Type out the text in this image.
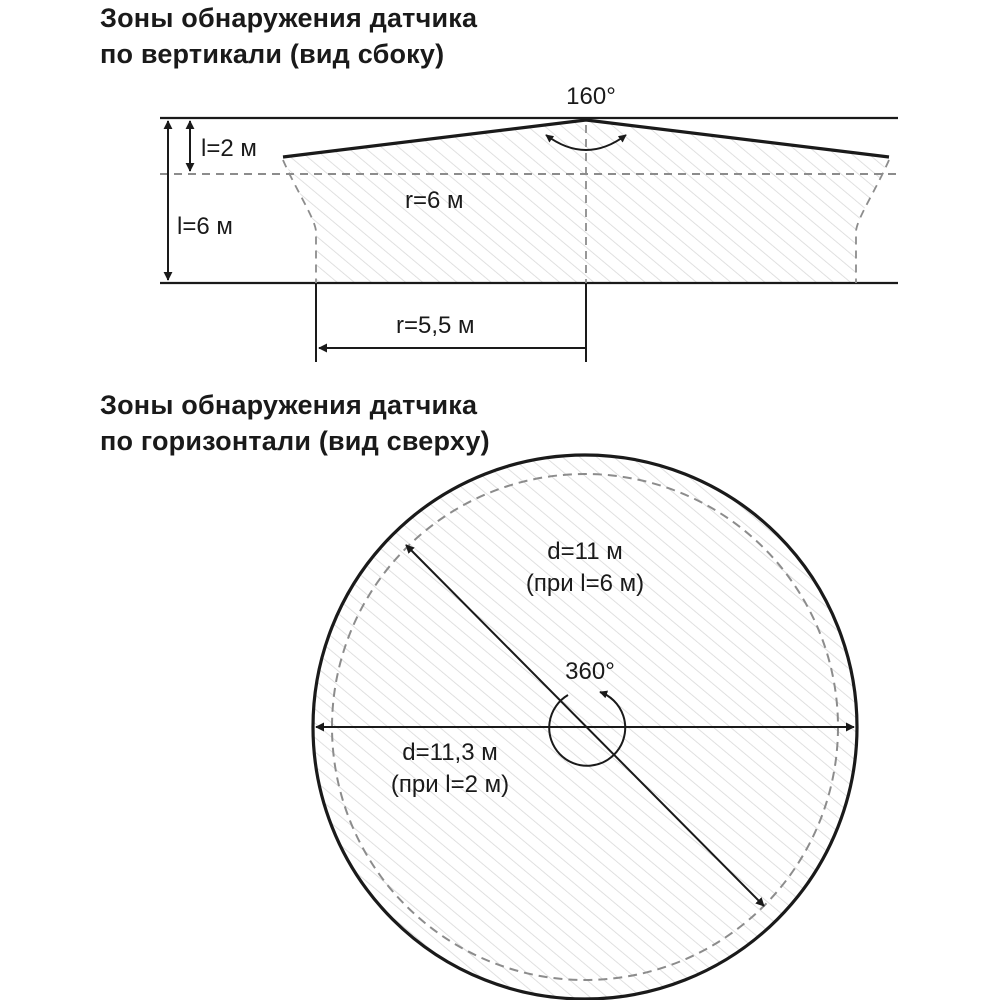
Зоны обнаружения датчика
по вертикали (вид сбоку)
Зоны обнаружения датчика
по горизонтали (вид сверху)
160°
l=2 м
l=6 м
r=6 м
r=5,5 м
360°
d=11 м
(при l=6 м)
d=11,3 м
(при l=2 м)
